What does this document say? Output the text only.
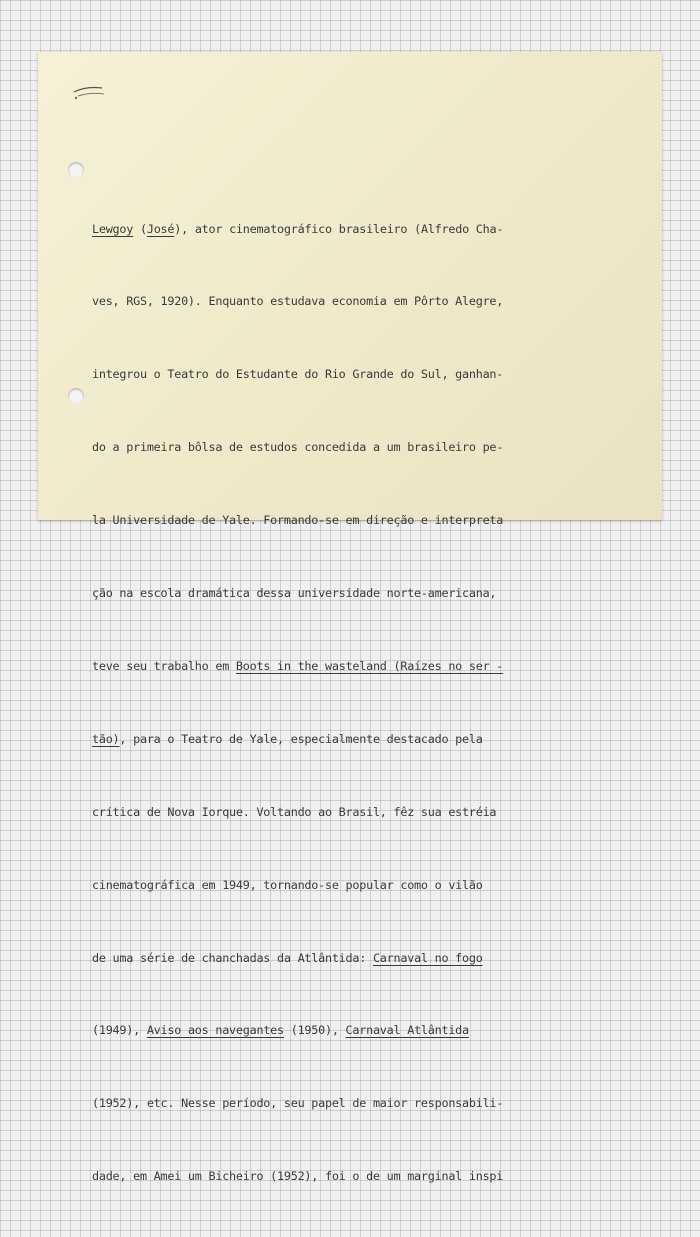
Lewgoy (José), ator cinematográfico brasileiro (Alfredo Cha-

ves, RGS, 1920). Enquanto estudava economia em Pôrto Alegre,

integrou o Teatro do Estudante do Rio Grande do Sul, ganhan-

do a primeira bôlsa de estudos concedida a um brasileiro pe-

la Universidade de Yale. Formando-se em direção e interpreta

ção na escola dramática dessa universidade norte-americana,

teve seu trabalho em Boots in the wasteland (Raízes no ser -

tão), para o Teatro de Yale, especialmente destacado pela

crítica de Nova Iorque. Voltando ao Brasil, fêz sua estréia

cinematográfica em 1949, tornando-se popular como o vilão

de uma série de chanchadas da Atlântida: Carnaval no fogo

(1949), Aviso aos navegantes (1950), Carnaval Atlântida

(1952), etc. Nesse período, seu papel de maior responsabili-

dade, em Amei um Bicheiro (1952), foi o de um marginal inspi
